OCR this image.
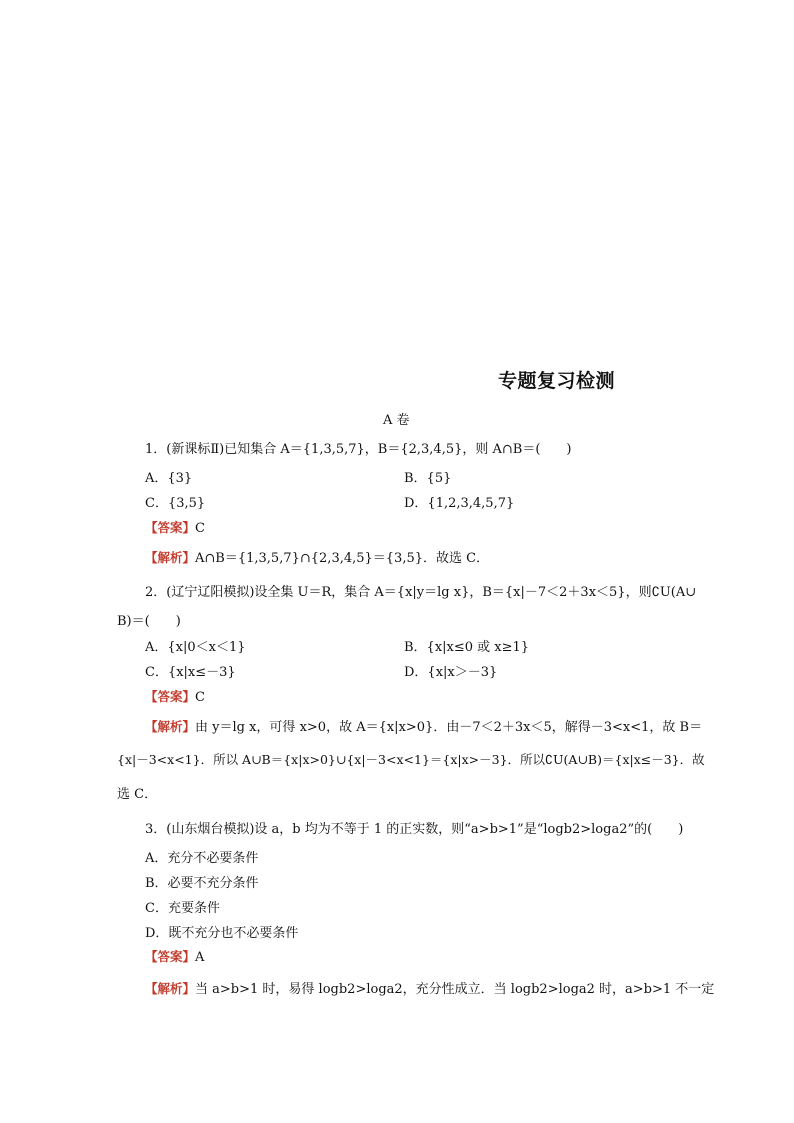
专题复习检测
A 卷
1．(新课标Ⅱ)已知集合 A＝{1,3,5,7}，B＝{2,3,4,5}，则 A∩B＝(　　)
A．{3}	B．{5}
C．{3,5}	D．{1,2,3,4,5,7}
【答案】C
【解析】A∩B＝{1,3,5,7}∩{2,3,4,5}＝{3,5}．故选 C．
2．(辽宁辽阳模拟)设全集 U＝R，集合 A＝{x|y＝lg x}，B＝{x|－7＜2＋3x＜5}，则∁U(A∪
B)＝(　　)
A．{x|0＜x＜1}	B．{x|x≤0 或 x≥1}
C．{x|x≤－3}	D．{x|x＞－3}
【答案】C
【解析】由 y＝lg x，可得 x>0，故 A＝{x|x>0}．由－7＜2＋3x＜5，解得－3<x<1，故 B＝
{x|－3<x<1}．所以 A∪B＝{x|x>0}∪{x|－3<x<1}＝{x|x>－3}．所以∁U(A∪B)＝{x|x≤－3}．故
选 C．
3．(山东烟台模拟)设 a，b 均为不等于 1 的正实数，则“a>b>1”是“logb2>loga2”的(　　)
A．充分不必要条件
B．必要不充分条件
C．充要条件
D．既不充分也不必要条件
【答案】A
【解析】当 a>b>1 时，易得 logb2>loga2，充分性成立．当 logb2>loga2 时，a>b>1 不一定
